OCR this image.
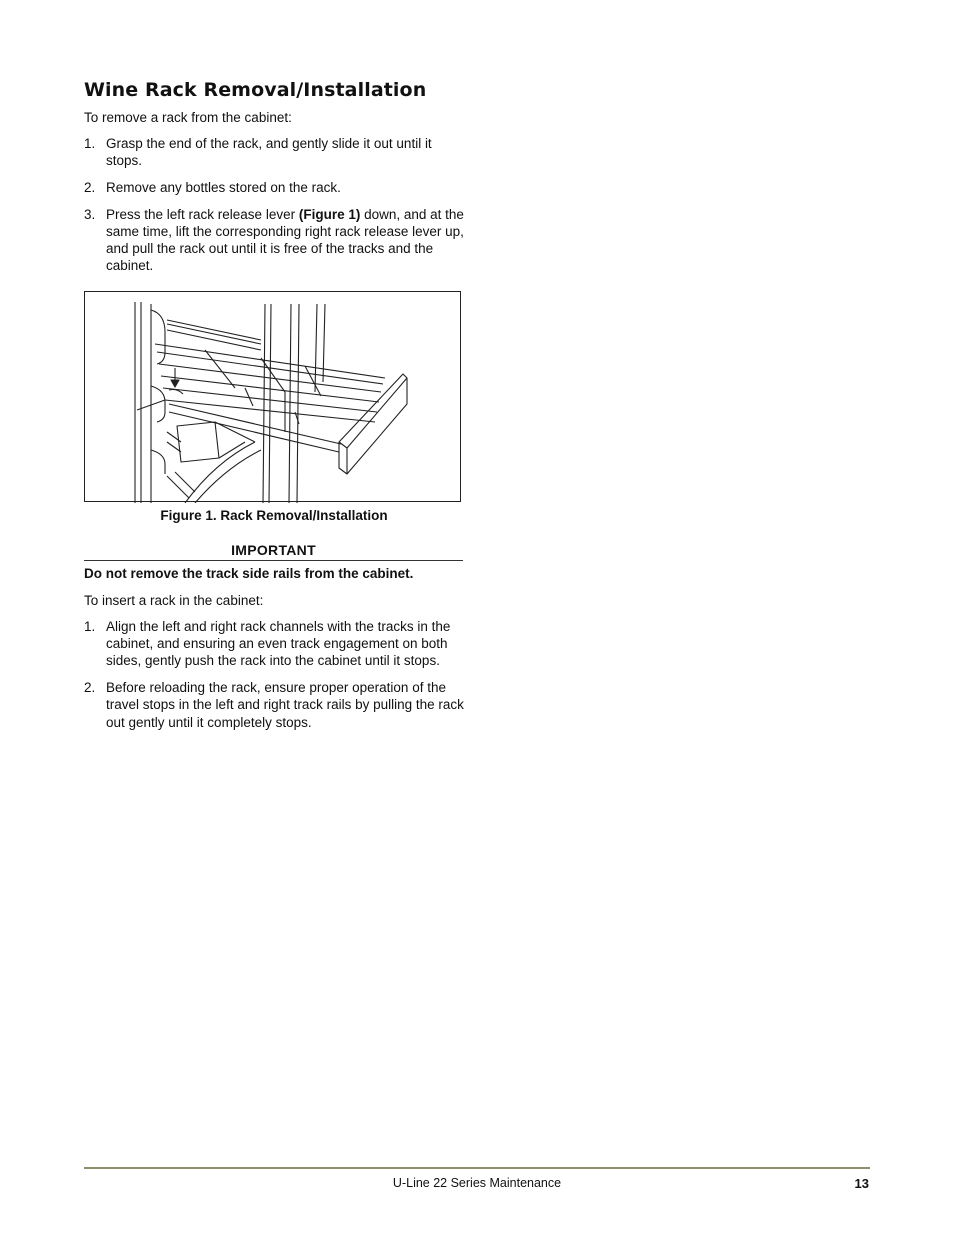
Wine Rack Removal/Installation

To remove a rack from the cabinet:

1. Grasp the end of the rack, and gently slide it out until it stops.
2. Remove any bottles stored on the rack.
3. Press the left rack release lever (Figure 1) down, and at the same time, lift the corresponding right rack release lever up, and pull the rack out until it is free of the tracks and the cabinet.
Figure 1. Rack Removal/Installation
IMPORTANT

Do not remove the track side rails from the cabinet.

To insert a rack in the cabinet:

1. Align the left and right rack channels with the tracks in the cabinet, and ensuring an even track engagement on both sides, gently push the rack into the cabinet until it stops.
2. Before reloading the rack, ensure proper operation of the travel stops in the left and right track rails by pulling the rack out gently until it completely stops.
U-Line 22 Series Maintenance	13
